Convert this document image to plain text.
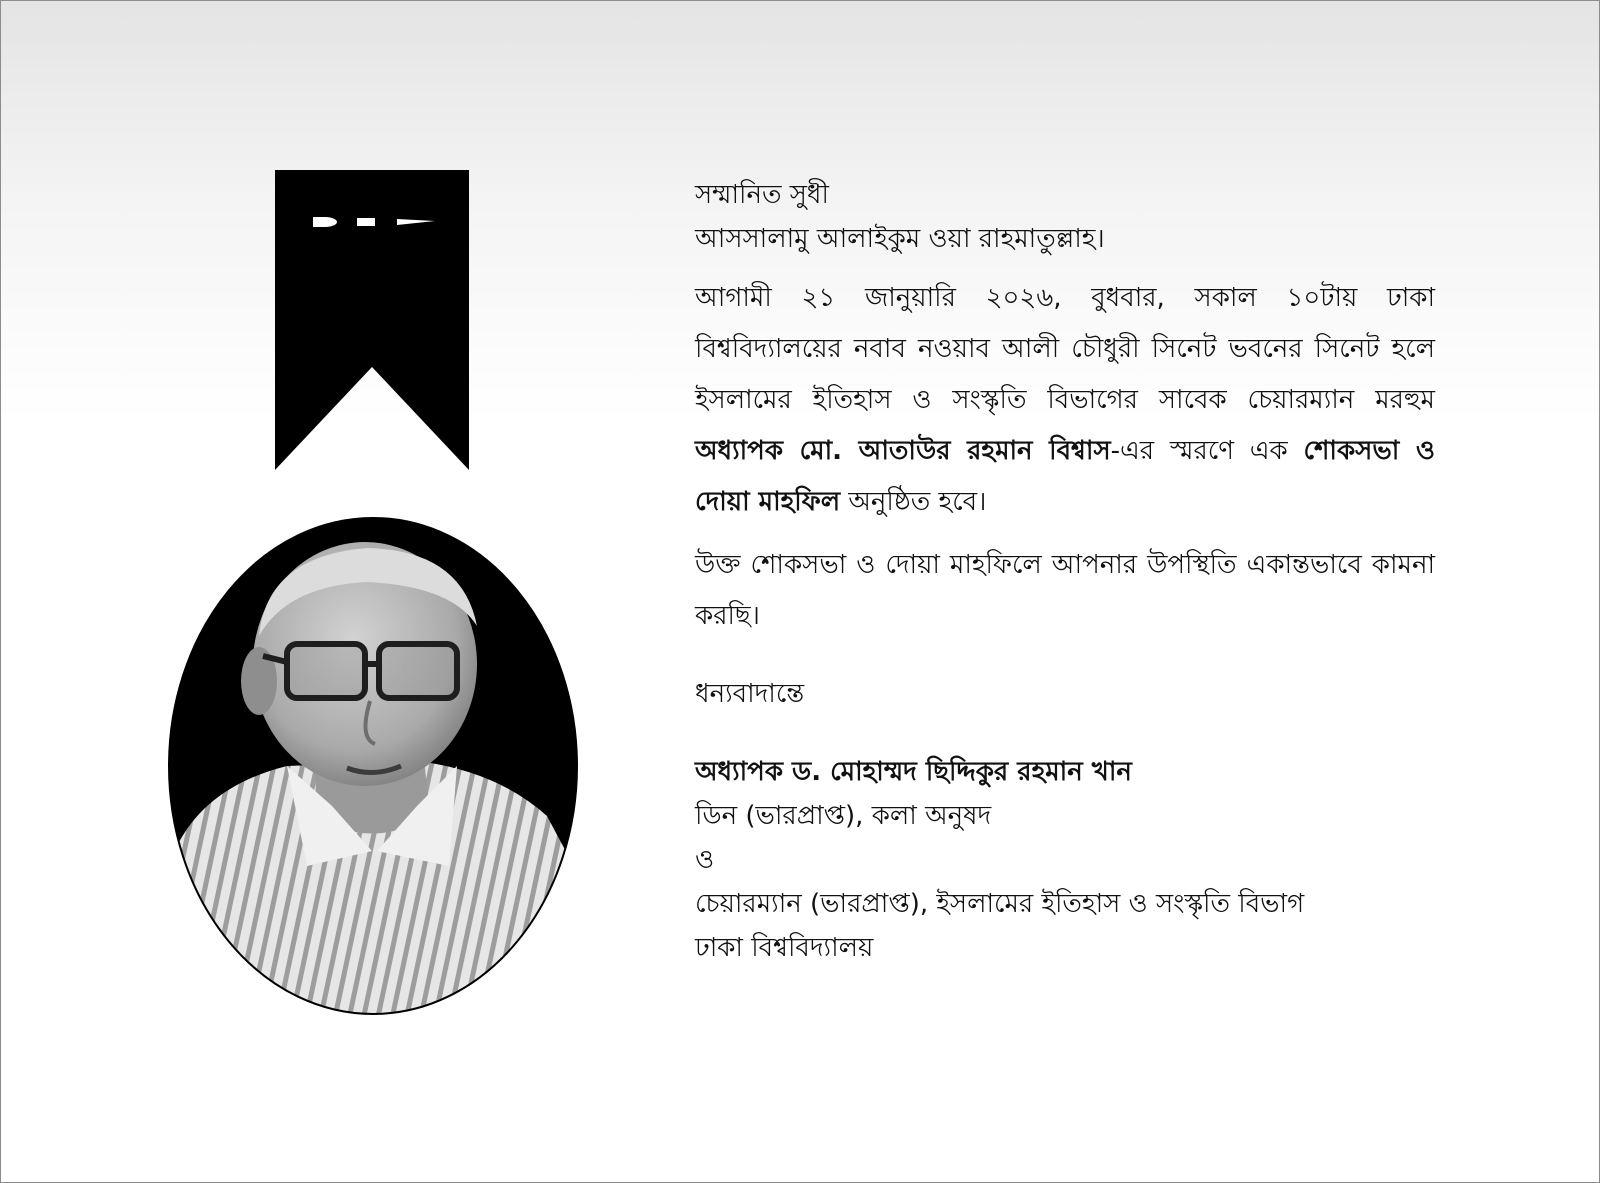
সম্মানিত সুধী

আসসালামু আলাইকুম ওয়া রাহমাতুল্লাহ।

আগামী ২১ জানুয়ারি ২০২৬, বুধবার, সকাল ১০টায় ঢাকা বিশ্ববিদ্যালয়ের নবাব নওয়াব আলী চৌধুরী সিনেট ভবনের সিনেট হলে ইসলামের ইতিহাস ও সংস্কৃতি বিভাগের সাবেক চেয়ারম্যান মরহুম অধ্যাপক মো. আতাউর রহমান বিশ্বাস-এর স্মরণে এক শোকসভা ও দোয়া মাহফিল অনুষ্ঠিত হবে।

উক্ত শোকসভা ও দোয়া মাহফিলে আপনার উপস্থিতি একান্তভাবে কামনা করছি।

ধন্যবাদান্তে

অধ্যাপক ড. মোহাম্মদ ছিদ্দিকুর রহমান খান

ডিন (ভারপ্রাপ্ত), কলা অনুষদ

ও

চেয়ারম্যান (ভারপ্রাপ্ত), ইসলামের ইতিহাস ও সংস্কৃতি বিভাগ

ঢাকা বিশ্ববিদ্যালয়
